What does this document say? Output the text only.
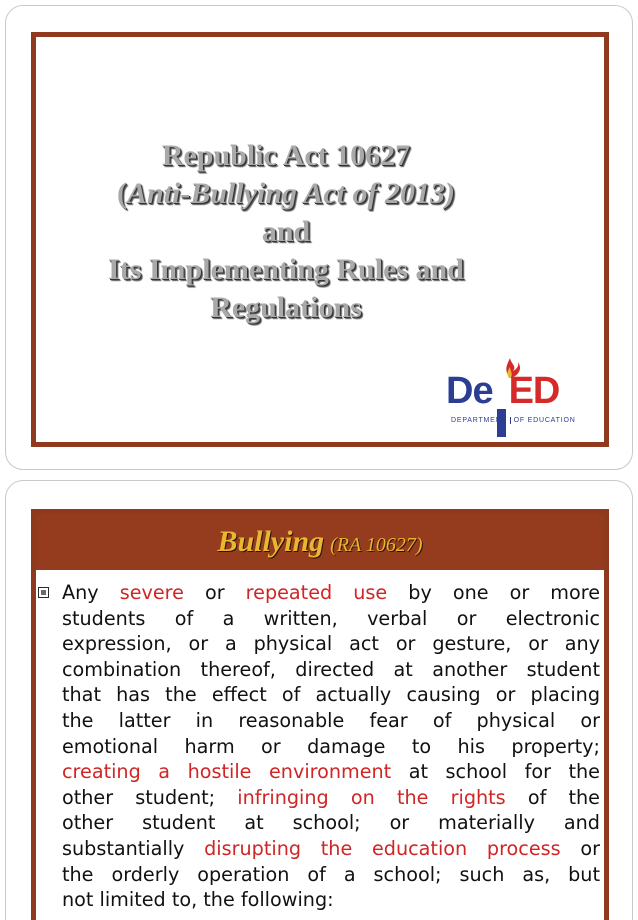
Republic Act 10627
(Anti-Bullying Act of 2013)
and
Its Implementing Rules and
Regulations
De ED
DEPARTMENT OF EDUCATION
Bullying (RA 10627)
Any severe or repeated use by one or more
students of a written, verbal or electronic
expression, or a physical act or gesture, or any
combination thereof, directed at another student
that has the effect of actually causing or placing
the latter in reasonable fear of physical or
emotional harm or damage to his property;
creating a hostile environment at school for the
other student; infringing on the rights of the
other student at school; or materially and
substantially disrupting the education process or
the orderly operation of a school; such as, but
not limited to, the following:
